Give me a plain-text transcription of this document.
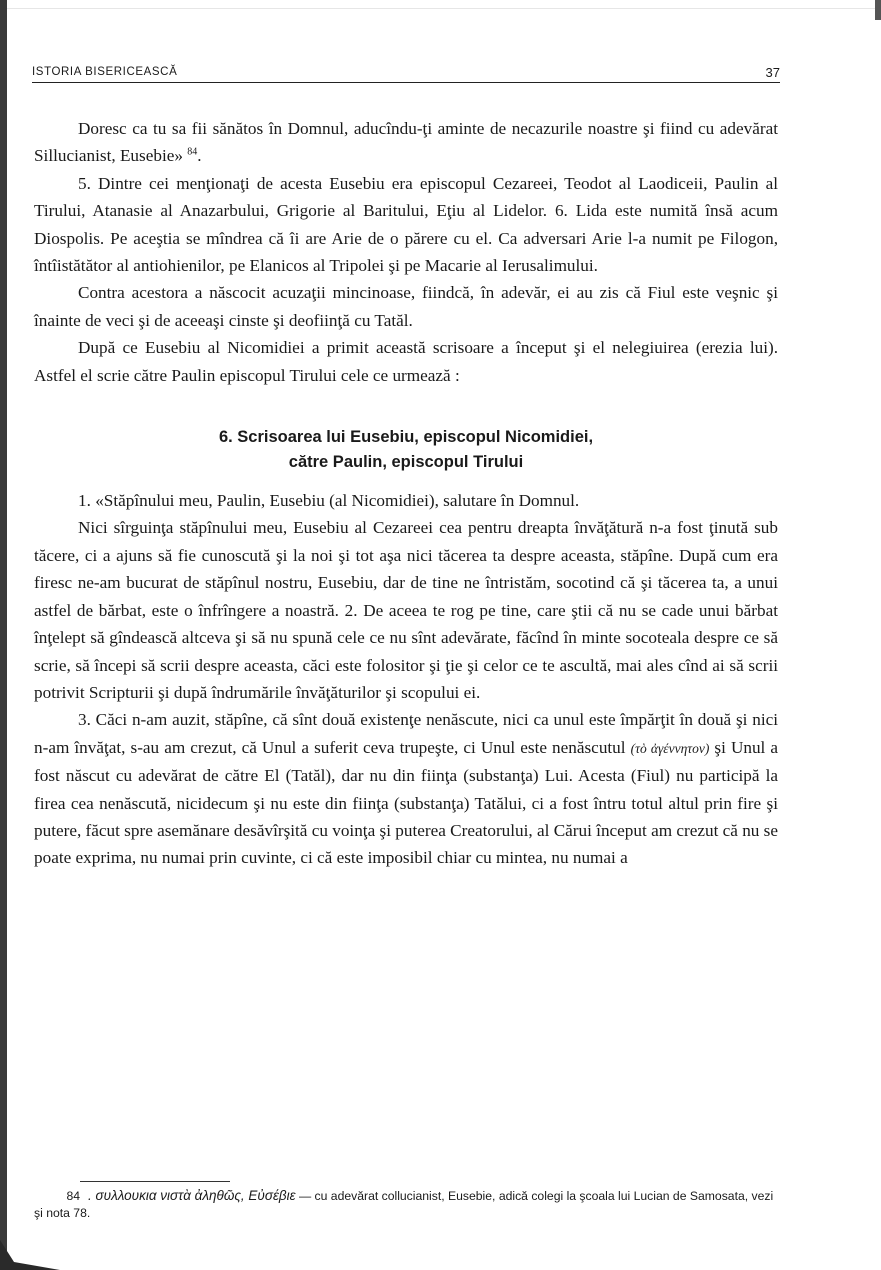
ISTORIA BISERICEASCĂ	37

Doresc ca tu sa fii sănătos în Domnul, aducîndu-ţi aminte de necazurile noastre şi fiind cu adevărat Sillucianist, Eusebie» $^{84}$.

5. Dintre cei menţionaţi de acesta Eusebiu era episcopul Cezareei, Teodot al Laodiceii, Paulin al Tirului, Atanasie al Anazarbului, Grigorie al Baritului, Eţiu al Lidelor. 6. Lida este numită însă acum Diospolis. Pe aceştia se mîndrea că îi are Arie de o părere cu el. Ca adversari Arie l-a numit pe Filogon, întîistătător al antiohienilor, pe Elanicos al Tripolei şi pe Macarie al Ierusalimului.

Contra acestora a născocit acuzaţii mincinoase, fiindcă, în adevăr, ei au zis că Fiul este veşnic şi înainte de veci şi de aceeaşi cinste şi deofiinţă cu Tatăl.

După ce Eusebiu al Nicomidiei a primit această scrisoare a început şi el nelegiuirea (erezia lui). Astfel el scrie către Paulin episcopul Tirului cele ce urmează :

6. Scrisoarea lui Eusebiu, episcopul Nicomidiei,
către Paulin, episcopul Tirului

1. «Stăpînului meu, Paulin, Eusebiu (al Nicomidiei), salutare în Domnul.

Nici sîrguinţa stăpînului meu, Eusebiu al Cezareei cea pentru dreapta învăţătură n-a fost ţinută sub tăcere, ci a ajuns să fie cunoscută şi la noi şi tot aşa nici tăcerea ta despre aceasta, stăpîne. După cum era firesc ne-am bucurat de stăpînul nostru, Eusebiu, dar de tine ne întristăm, socotind că şi tăcerea ta, a unui astfel de bărbat, este o înfrîngere a noastră. 2. De aceea te rog pe tine, care ştii că nu se cade unui bărbat înţelept să gîndească altceva şi să nu spună cele ce nu sînt adevărate, făcînd în minte socoteala despre ce să scrie, să începi să scrii despre aceasta, căci este folositor şi ţie şi celor ce te ascultă, mai ales cînd ai să scrii potrivit Scripturii şi după îndrumările învăţăturilor şi scopului ei.

3. Căci n-am auzit, stăpîne, că sînt două existenţe nenăscute, nici ca unul este împărţit în două şi nici n-am învăţat, s-au am crezut, că Unul a suferit ceva trupeşte, ci Unul este nenăscutul (τὸ ἀγέννητον) şi Unul a fost născut cu adevărat de către El (Tatăl), dar nu din fiinţa (substanţa) Lui. Acesta (Fiul) nu participă la firea cea nenăscută, nicidecum şi nu este din fiinţa (substanţa) Tatălui, ci a fost întru totul altul prin fire şi putere, făcut spre asemănare desăvîrşită cu voinţa şi puterea Creatorului, al Cărui început am crezut că nu se poate exprima, nu numai prin cuvinte, ci că este imposibil chiar cu mintea, nu numai a

84 . συλλουκια νιστὰ ἀληθῶς, Εὐσέβιε — cu adevărat collucianist, Eusebie, adică colegi la şcoala lui Lucian de Samosata, vezi şi nota 78.
